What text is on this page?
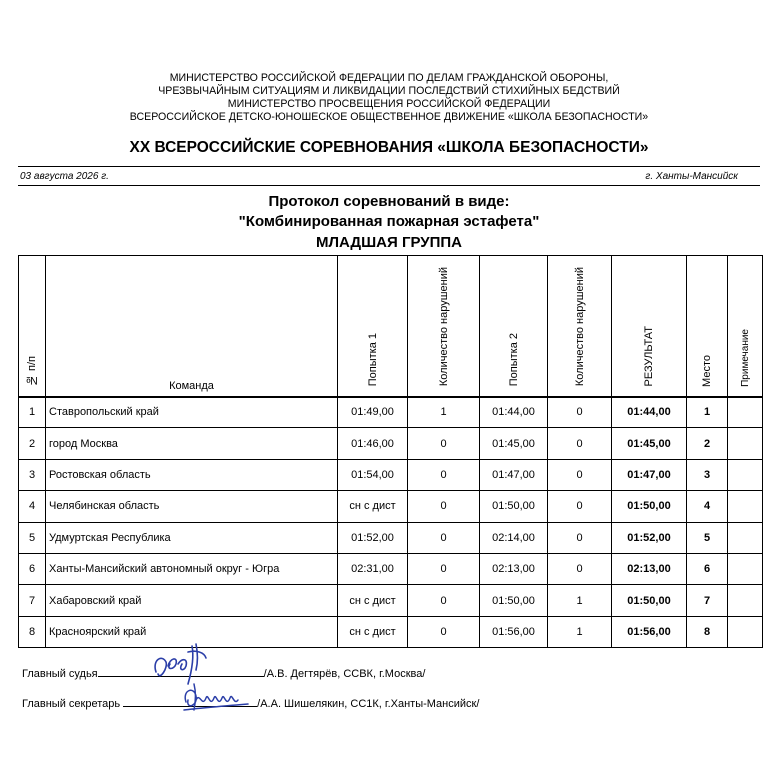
МИНИСТЕРСТВО РОССИЙСКОЙ ФЕДЕРАЦИИ ПО ДЕЛАМ ГРАЖДАНСКОЙ ОБОРОНЫ,
ЧРЕЗВЫЧАЙНЫМ СИТУАЦИЯМ И ЛИКВИДАЦИИ ПОСЛЕДСТВИЙ СТИХИЙНЫХ БЕДСТВИЙ
МИНИСТЕРСТВО ПРОСВЕЩЕНИЯ РОССИЙСКОЙ ФЕДЕРАЦИИ
ВСЕРОССИЙСКОЕ ДЕТСКО-ЮНОШЕСКОЕ ОБЩЕСТВЕННОЕ ДВИЖЕНИЕ «ШКОЛА БЕЗОПАСНОСТИ»
XX ВСЕРОССИЙСКИЕ СОРЕВНОВАНИЯ «ШКОЛА БЕЗОПАСНОСТИ»
03 августа 2026 г.	г. Ханты-Мансийск
Протокол соревнований в виде:
"Комбинированная пожарная эстафета"
МЛАДШАЯ ГРУППА
№ п/п	Команда	Попытка 1	Количество нарушений	Попытка 2	Количество нарушений	РЕЗУЛЬТАТ	Место	Примечание
1	Ставропольский край	01:49,00	1	01:44,00	0	01:44,00	1	
2	город Москва	01:46,00	0	01:45,00	0	01:45,00	2	
3	Ростовская область	01:54,00	0	01:47,00	0	01:47,00	3	
4	Челябинская область	сн с дист	0	01:50,00	0	01:50,00	4	
5	Удмуртская Республика	01:52,00	0	02:14,00	0	01:52,00	5	
6	Ханты-Мансийский автономный округ - Югра	02:31,00	0	02:13,00	0	02:13,00	6	
7	Хабаровский край	сн с дист	0	01:50,00	1	01:50,00	7	
8	Красноярский край	сн с дист	0	01:56,00	1	01:56,00	8	
Главный судья	/А.В. Дегтярёв, ССВК, г.Москва/
Главный секретарь	/А.А. Шишелякин, СС1К, г.Ханты-Мансийск/
